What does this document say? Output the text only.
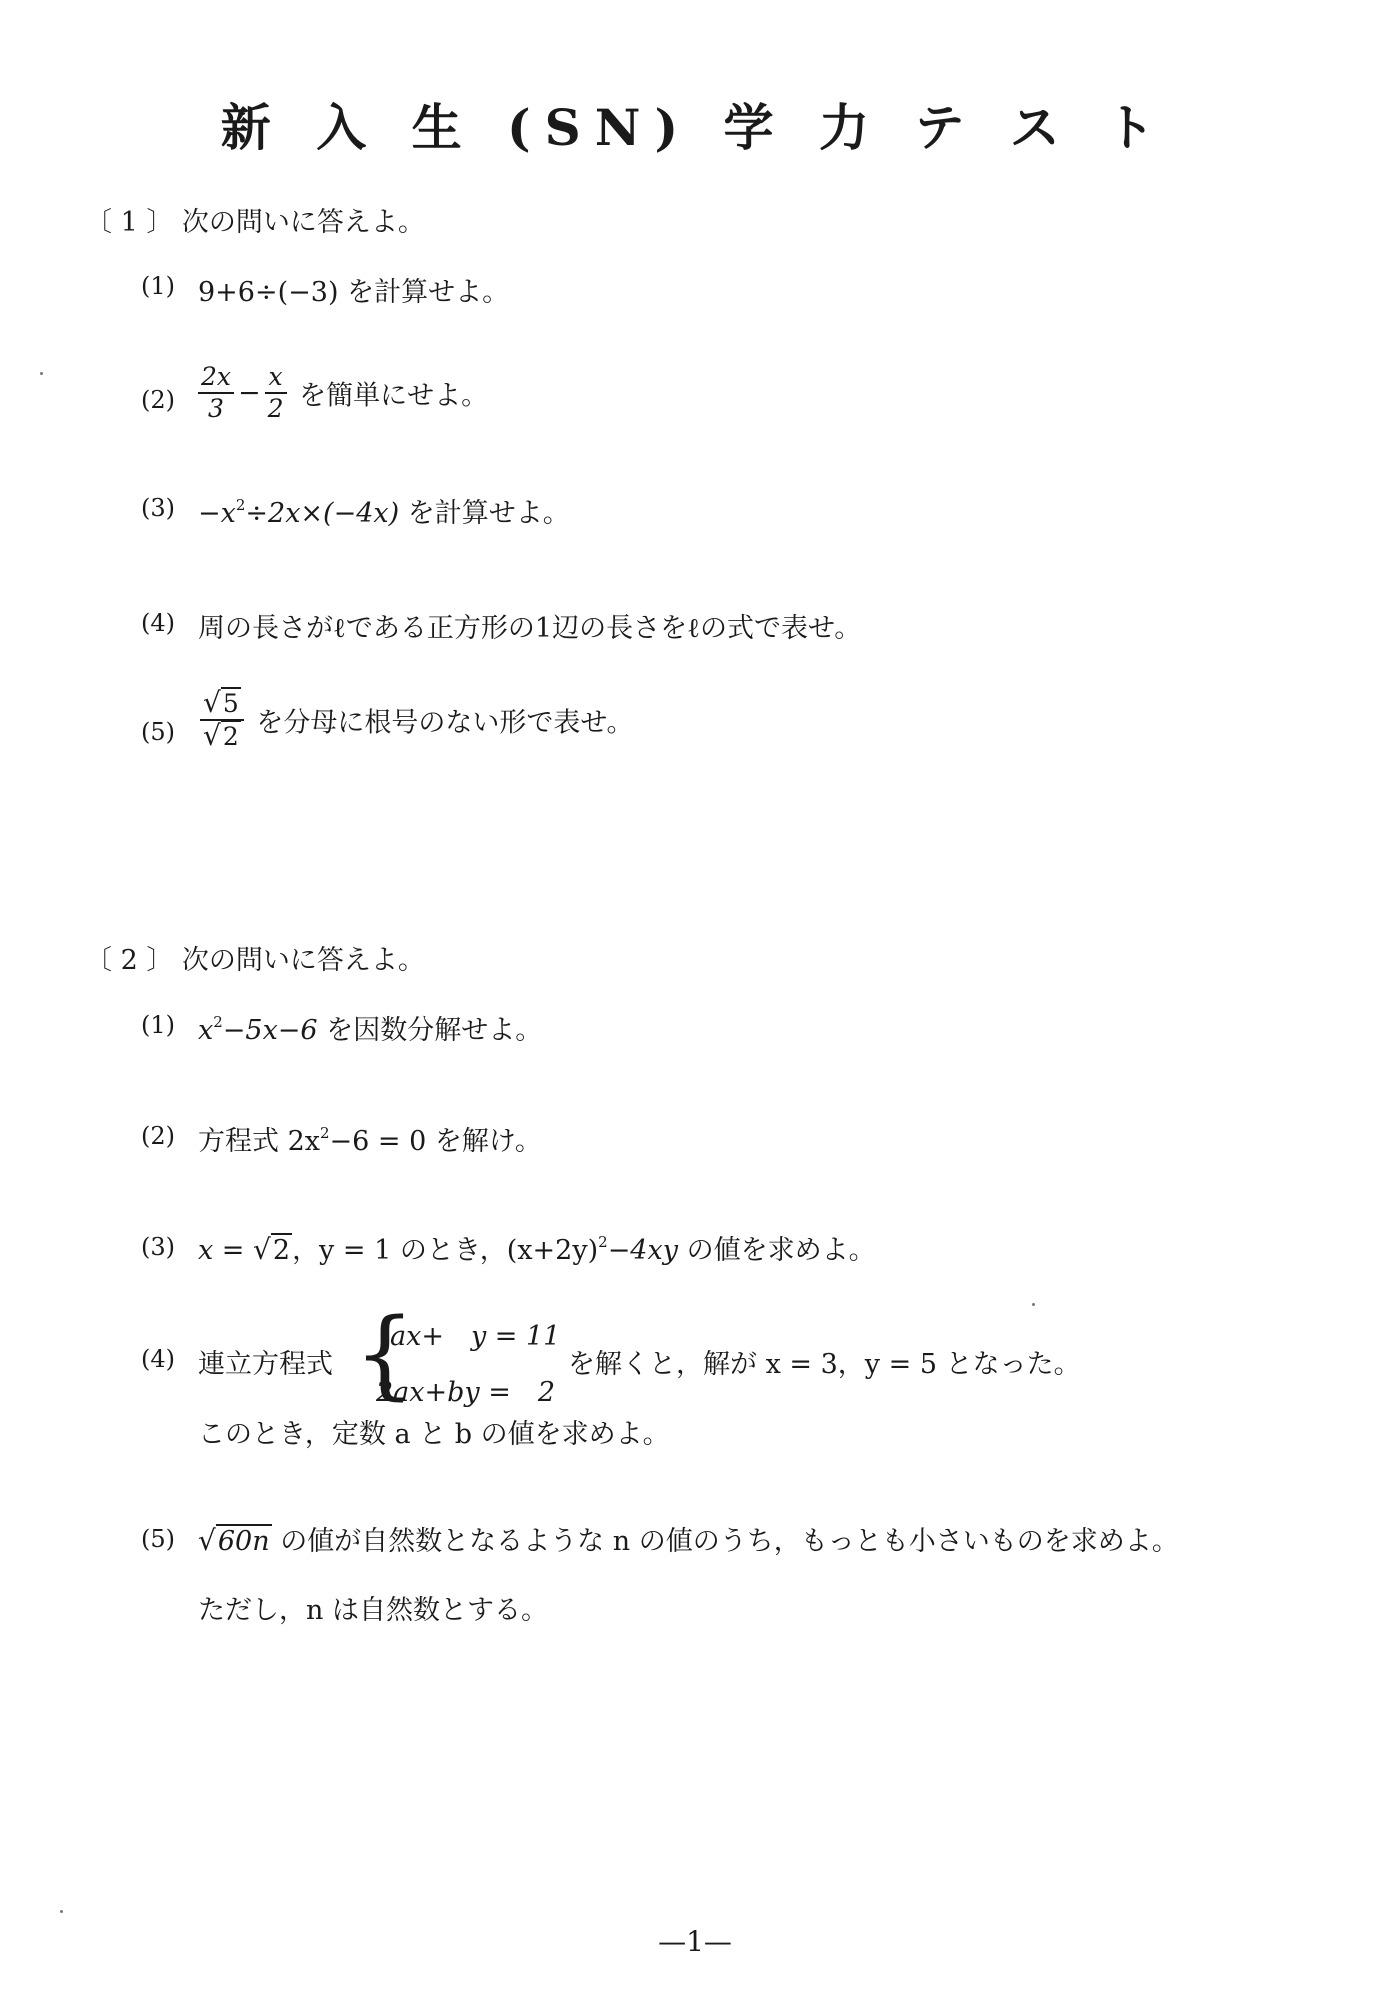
新 入 生 (SN) 学 力 テ ス ト
〔 1 〕 次の問いに答えよ。
(1) 9+6÷(−3) を計算せよ。
$(2) \frac{2x}{3} - \frac{x}{2}$ を簡単にせよ。
$(3) -x^2\div 2x\times(-4x)$ を計算せよ。
(4) 周の長さがℓである正方形の1辺の長さをℓの式で表せ。
$(5) \frac{√5}{√2}$ を分母に根号のない形で表せ。
〔 2 〕 次の問いに答えよ。
(1) $x^2-5x-6$ を因数分解せよ。
(2) 方程式 $2x^2-6 = 0$ を解け。
(3) x = √2，y = 1 のとき，$(x+2y)^2-4xy$ の値を求めよ。
(4) 連立方程式 {
ax+　y = 11
2ax+by =　2
を解くと，解が x = 3，y = 5 となった。
このとき，定数 a と b の値を求めよ。
(5) √60n の値が自然数となるような n の値のうち，もっとも小さいものを求めよ。
ただし，n は自然数とする。
—1—
